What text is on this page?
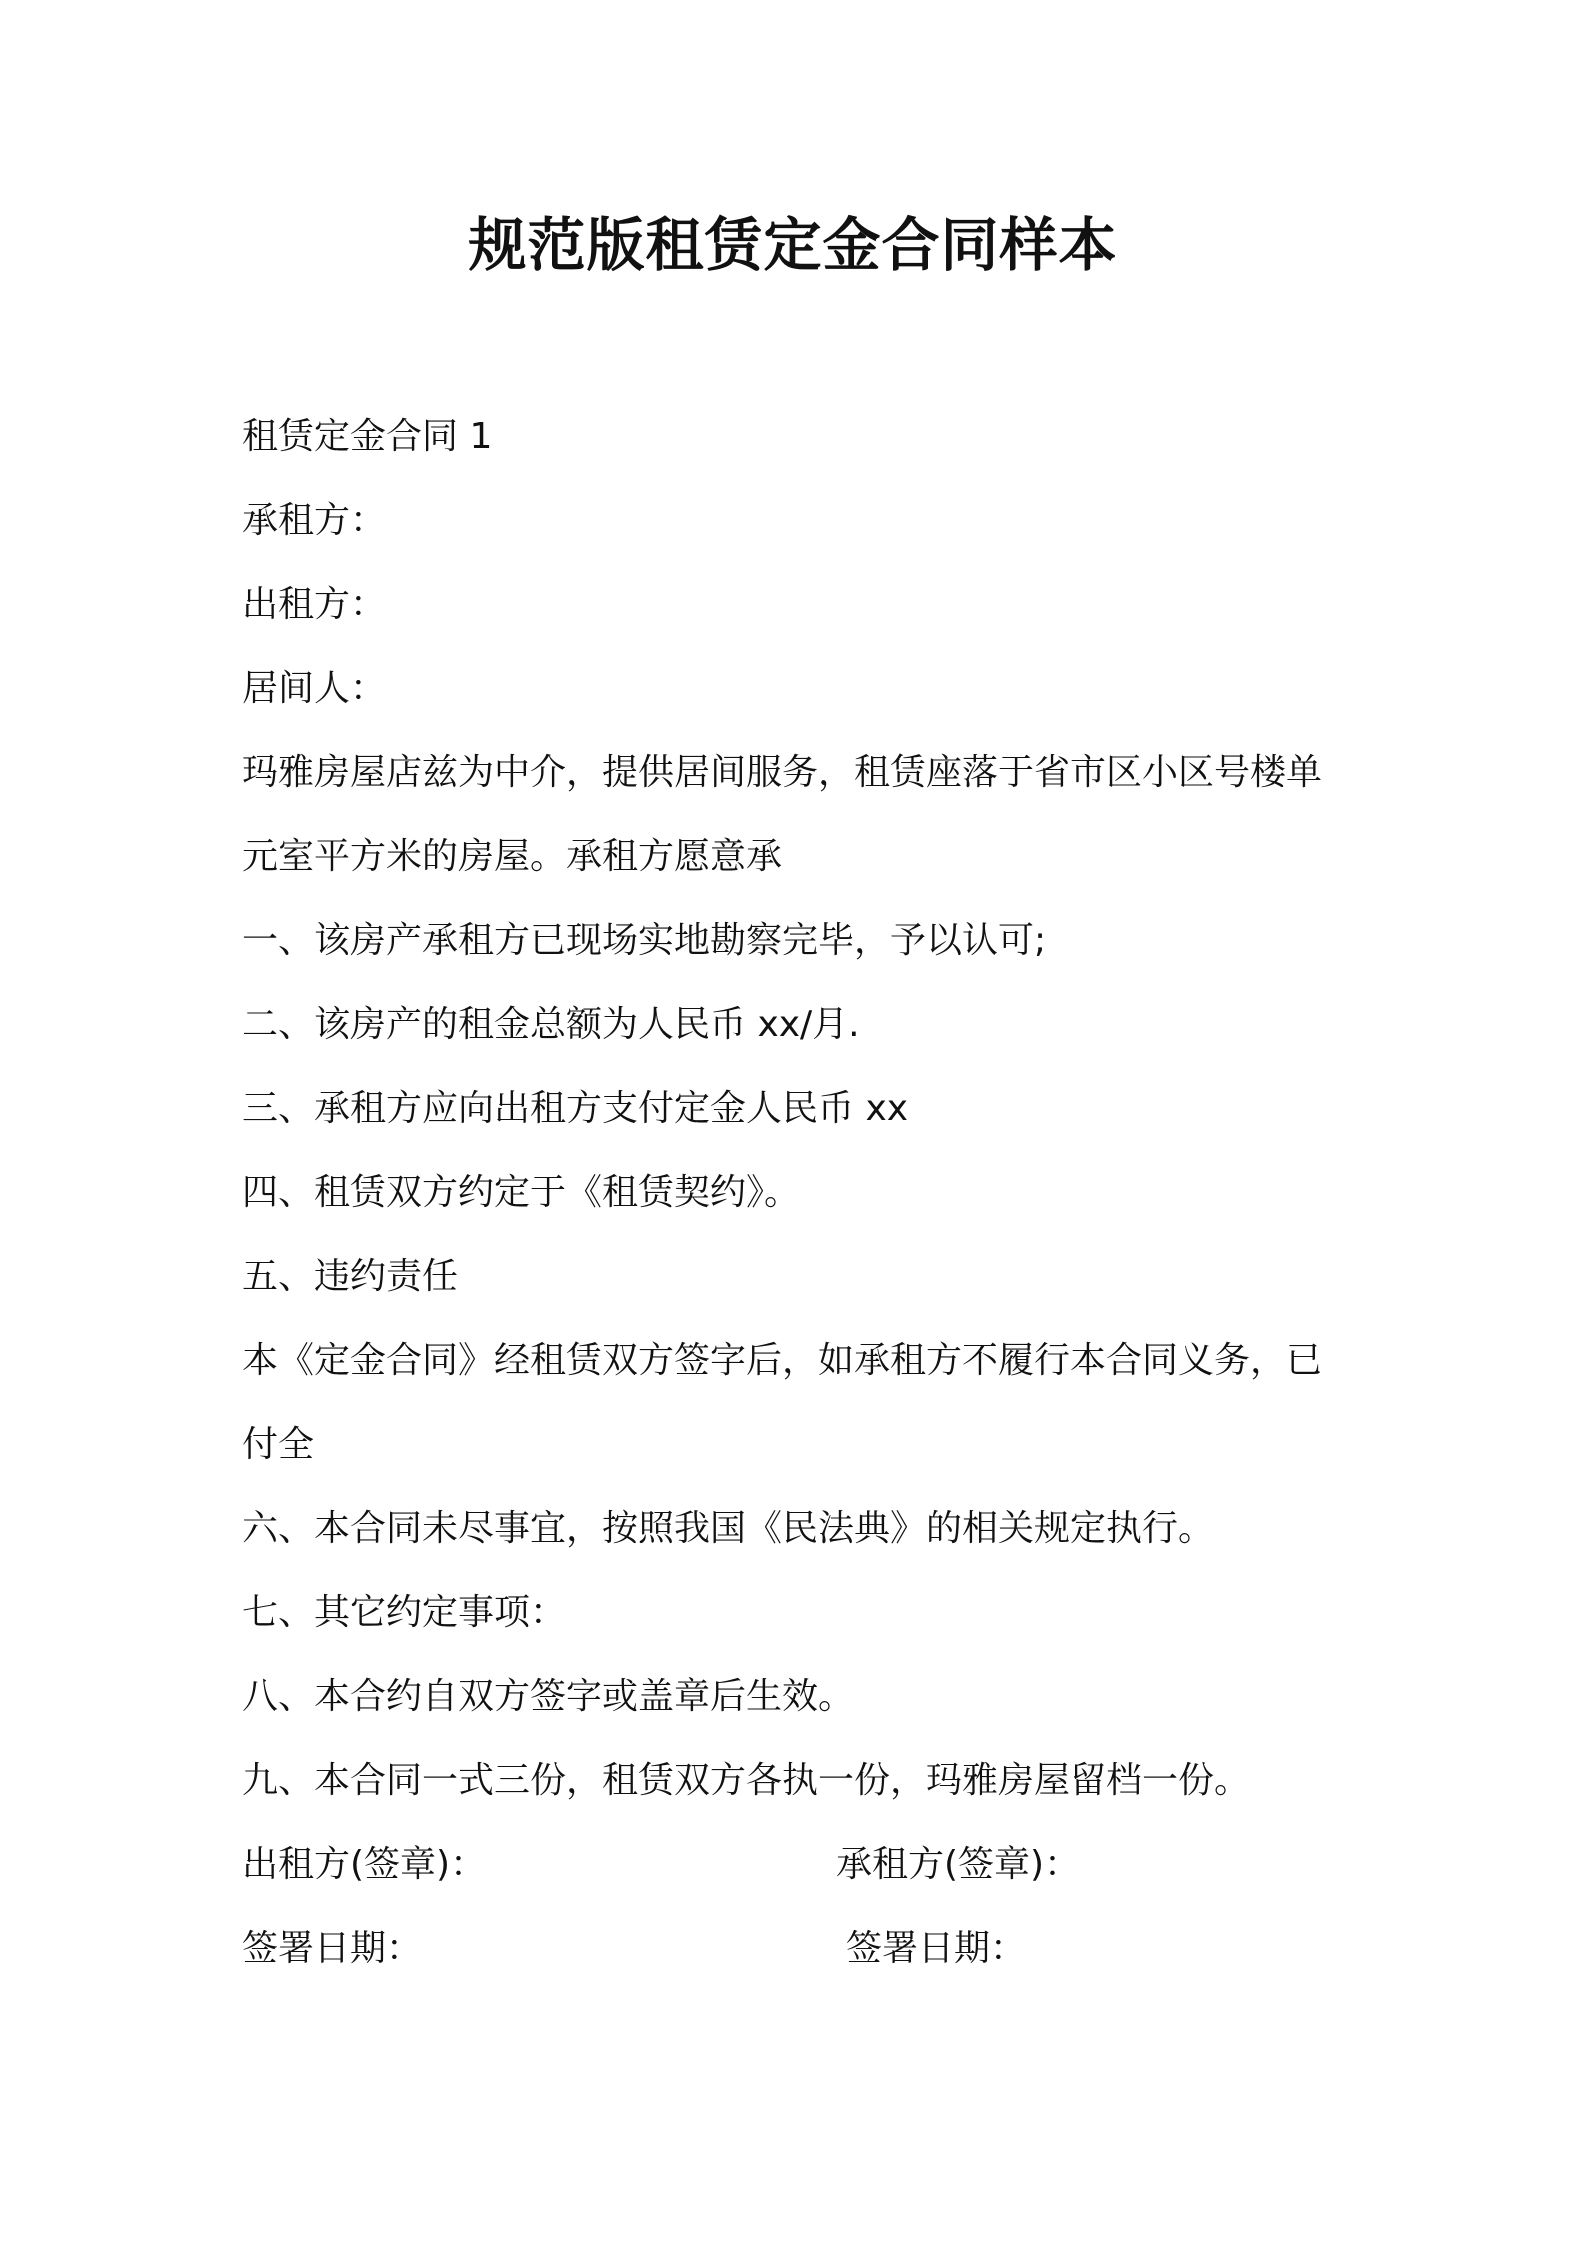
规范版租赁定金合同样本
租赁定金合同 1
承租方：
出租方：
居间人：
玛雅房屋店兹为中介，提供居间服务，租赁座落于省市区小区号楼单
元室平方米的房屋。承租方愿意承
一、该房产承租方已现场实地勘察完毕，予以认可;
二、该房产的租金总额为人民币 xx/月.
三、承租方应向出租方支付定金人民币 xx
四、租赁双方约定于《租赁契约》。
五、违约责任
本《定金合同》经租赁双方签字后，如承租方不履行本合同义务，已
付全
六、本合同未尽事宜，按照我国《民法典》的相关规定执行。
七、其它约定事项：
八、本合约自双方签字或盖章后生效。
九、本合同一式三份，租赁双方各执一份，玛雅房屋留档一份。
出租方(签章)：	承租方(签章)：
签署日期：	签署日期：
